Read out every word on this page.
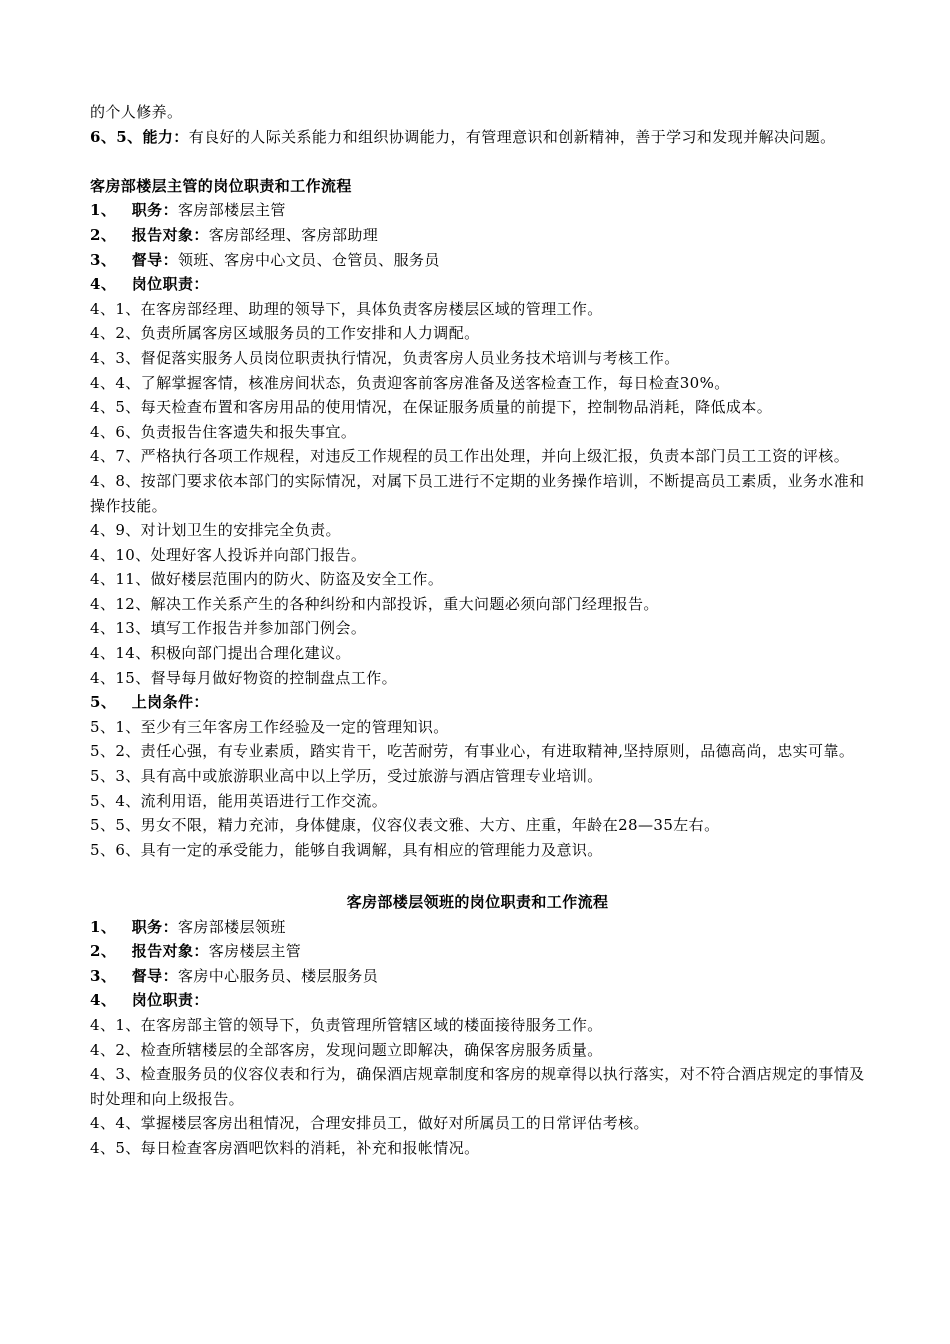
的个人修养。
6、5、能力：有良好的人际关系能力和组织协调能力，有管理意识和创新精神，善于学习和发现并解决问题。
客房部楼层主管的岗位职责和工作流程
1、 职务：客房部楼层主管
2、 报告对象：客房部经理、客房部助理
3、 督导：领班、客房中心文员、仓管员、服务员
4、 岗位职责：
4、1、在客房部经理、助理的领导下，具体负责客房楼层区域的管理工作。
4、2、负责所属客房区域服务员的工作安排和人力调配。
4、3、督促落实服务人员岗位职责执行情况，负责客房人员业务技术培训与考核工作。
4、4、了解掌握客情，核准房间状态，负责迎客前客房准备及送客检查工作，每日检查30%。
4、5、每天检查布置和客房用品的使用情况，在保证服务质量的前提下，控制物品消耗，降低成本。
4、6、负责报告住客遗失和报失事宜。
4、7、严格执行各项工作规程，对违反工作规程的员工作出处理，并向上级汇报，负责本部门员工工资的评核。
4、8、按部门要求依本部门的实际情况，对属下员工进行不定期的业务操作培训，不断提高员工素质，业务水准和操作技能。
4、9、对计划卫生的安排完全负责。
4、10、处理好客人投诉并向部门报告。
4、11、做好楼层范围内的防火、防盗及安全工作。
4、12、解决工作关系产生的各种纠纷和内部投诉，重大问题必须向部门经理报告。
4、13、填写工作报告并参加部门例会。
4、14、积极向部门提出合理化建议。
4、15、督导每月做好物资的控制盘点工作。
5、 上岗条件：
5、1、至少有三年客房工作经验及一定的管理知识。
5、2、责任心强，有专业素质，踏实肯干，吃苦耐劳，有事业心，有进取精神,坚持原则，品德高尚，忠实可靠。
5、3、具有高中或旅游职业高中以上学历，受过旅游与酒店管理专业培训。
5、4、流利用语，能用英语进行工作交流。
5、5、男女不限，精力充沛，身体健康，仪容仪表文雅、大方、庄重，年龄在28—35左右。
5、6、具有一定的承受能力，能够自我调解，具有相应的管理能力及意识。
客房部楼层领班的岗位职责和工作流程
1、 职务：客房部楼层领班
2、 报告对象：客房楼层主管
3、 督导：客房中心服务员、楼层服务员
4、 岗位职责：
4、1、在客房部主管的领导下，负责管理所管辖区域的楼面接待服务工作。
4、2、检查所辖楼层的全部客房，发现问题立即解决，确保客房服务质量。
4、3、检查服务员的仪容仪表和行为，确保酒店规章制度和客房的规章得以执行落实，对不符合酒店规定的事情及时处理和向上级报告。
4、4、掌握楼层客房出租情况，合理安排员工，做好对所属员工的日常评估考核。
4、5、每日检查客房酒吧饮料的消耗，补充和报帐情况。
